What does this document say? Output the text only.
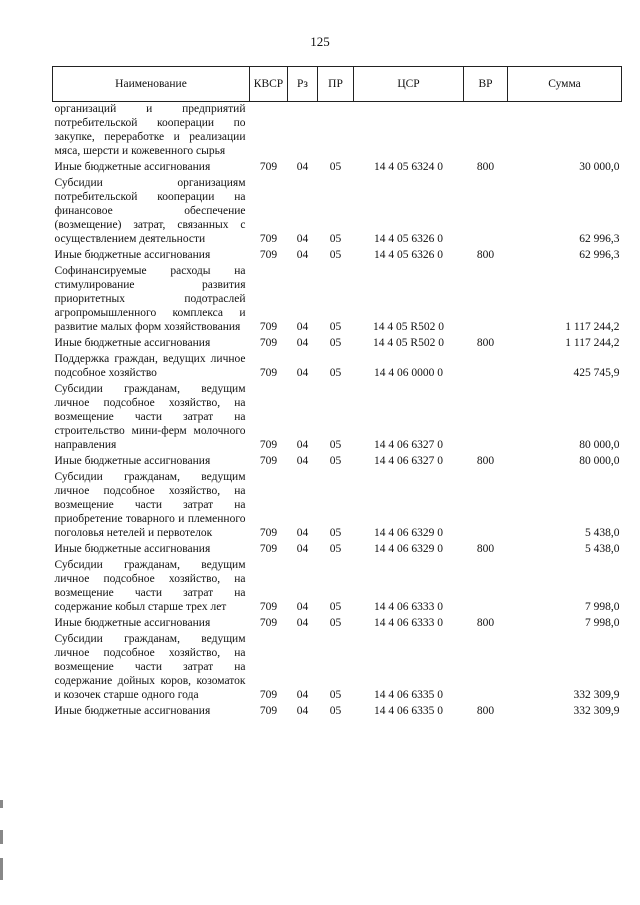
125
Наименование	КВСР	Рз	ПР	ЦСР	ВР	Сумма
организаций и предприятий потребительской кооперации по закупке, переработке и реализации мяса, шерсти и кожевенного сырья						
Иные бюджетные ассигнования	709	04	05	14 4 05 6324 0	800	30 000,0
Субсидии организациям потребительской кооперации на финансовое обеспечение (возмещение) затрат, связанных с осуществлением деятельности	709	04	05	14 4 05 6326 0		62 996,3
Иные бюджетные ассигнования	709	04	05	14 4 05 6326 0	800	62 996,3
Софинансируемые расходы на стимулирование развития приоритетных подотраслей агропромышленного комплекса и развитие малых форм хозяйствования	709	04	05	14 4 05 R502 0		1 117 244,2
Иные бюджетные ассигнования	709	04	05	14 4 05 R502 0	800	1 117 244,2
Поддержка граждан, ведущих личное подсобное хозяйство	709	04	05	14 4 06 0000 0		425 745,9
Субсидии гражданам, ведущим личное подсобное хозяйство, на возмещение части затрат на строительство мини-ферм молочного направления	709	04	05	14 4 06 6327 0		80 000,0
Иные бюджетные ассигнования	709	04	05	14 4 06 6327 0	800	80 000,0
Субсидии гражданам, ведущим личное подсобное хозяйство, на возмещение части затрат на приобретение товарного и племенного поголовья нетелей и первотелок	709	04	05	14 4 06 6329 0		5 438,0
Иные бюджетные ассигнования	709	04	05	14 4 06 6329 0	800	5 438,0
Субсидии гражданам, ведущим личное подсобное хозяйство, на возмещение части затрат на содержание кобыл старше трех лет	709	04	05	14 4 06 6333 0		7 998,0
Иные бюджетные ассигнования	709	04	05	14 4 06 6333 0	800	7 998,0
Субсидии гражданам, ведущим личное подсобное хозяйство, на возмещение части затрат на содержание дойных коров, козоматок и козочек старше одного года	709	04	05	14 4 06 6335 0		332 309,9
Иные бюджетные ассигнования	709	04	05	14 4 06 6335 0	800	332 309,9
